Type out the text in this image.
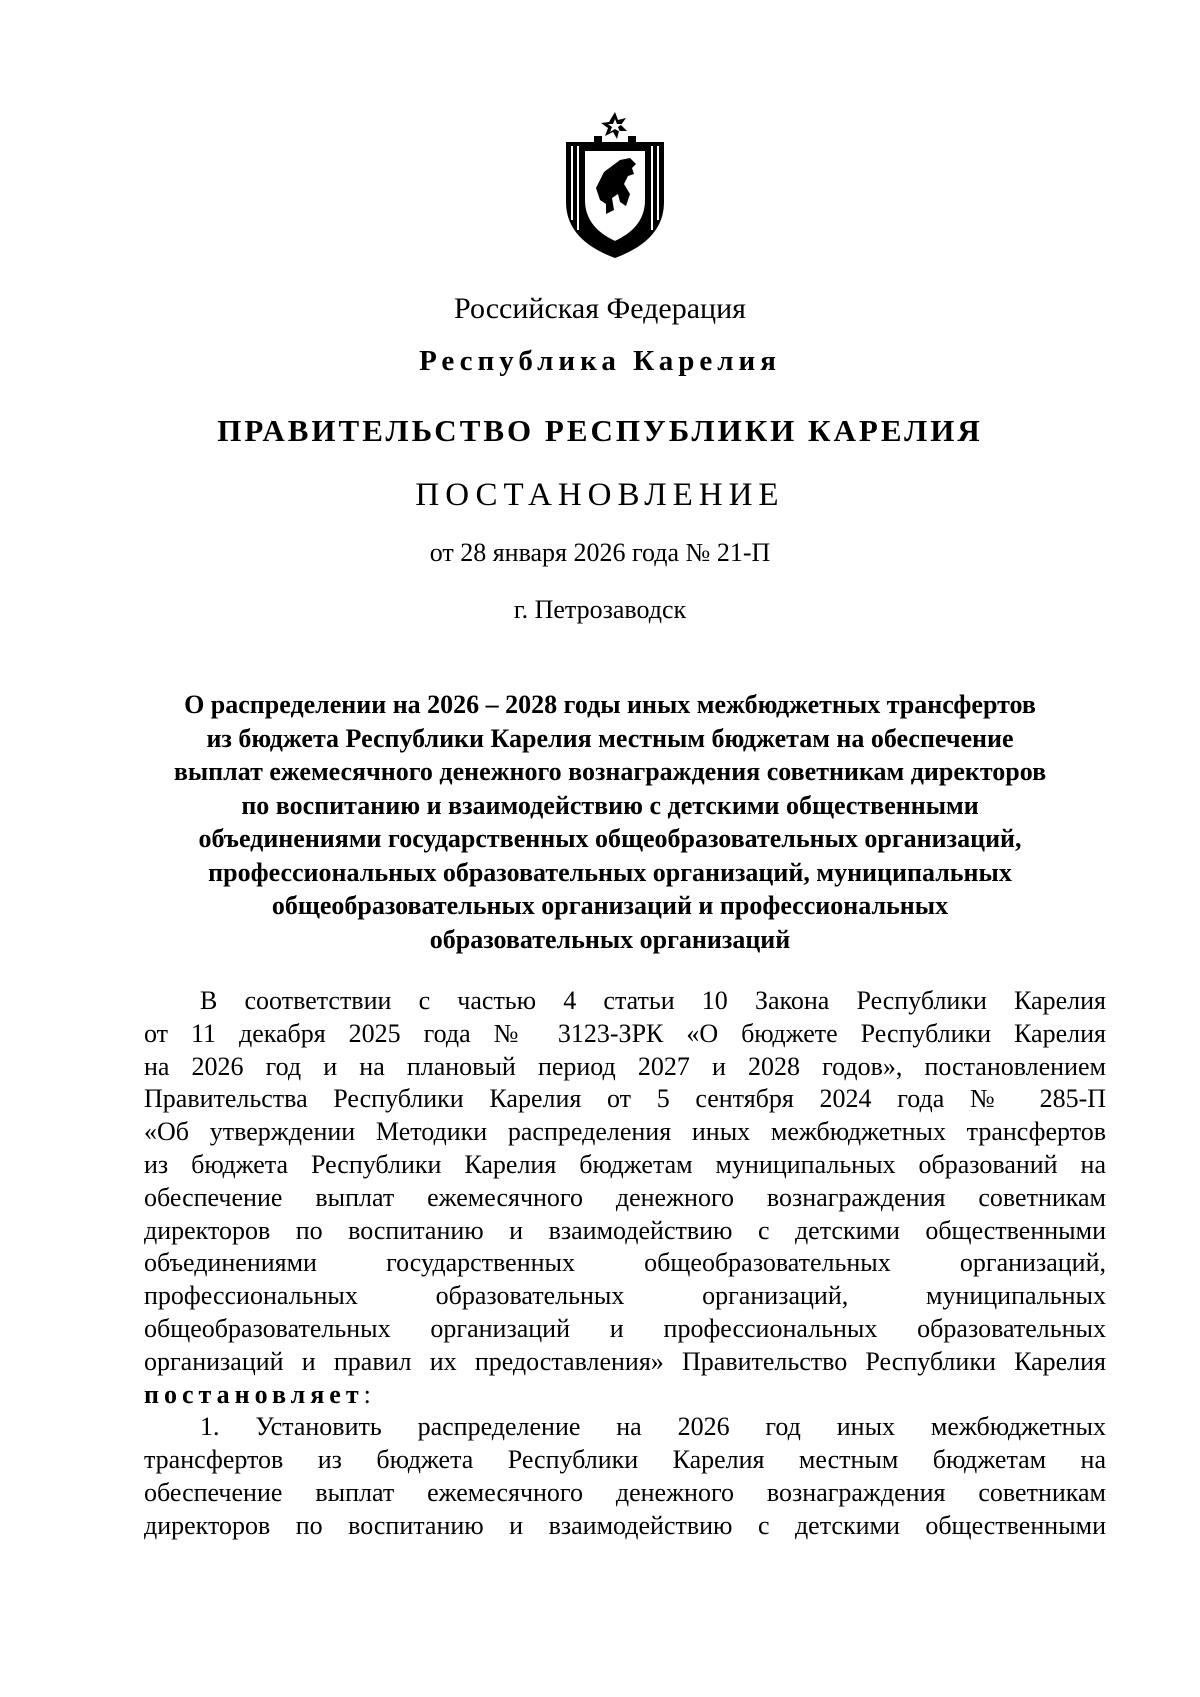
Российская Федерация
Республика Карелия
ПРАВИТЕЛЬСТВО РЕСПУБЛИКИ КАРЕЛИЯ
ПОСТАНОВЛЕНИЕ
от 28 января 2026 года № 21-П
г. Петрозаводск
О распределении на 2026 – 2028 годы иных межбюджетных трансфертов
из бюджета Республики Карелия местным бюджетам на обеспечение
выплат ежемесячного денежного вознаграждения советникам директоров
по воспитанию и взаимодействию с детскими общественными
объединениями государственных общеобразовательных организаций,
профессиональных образовательных организаций, муниципальных
общеобразовательных организаций и профессиональных
образовательных организаций
В соответствии с частью 4 статьи 10 Закона Республики Карелия
от 11 декабря 2025 года № 3123-ЗРК «О бюджете Республики Карелия
на 2026 год и на плановый период 2027 и 2028 годов», постановлением
Правительства Республики Карелия от 5 сентября 2024 года № 285-П
«Об утверждении Методики распределения иных межбюджетных трансфертов
из бюджета Республики Карелия бюджетам муниципальных образований на
обеспечение выплат ежемесячного денежного вознаграждения советникам
директоров по воспитанию и взаимодействию с детскими общественными
объединениями государственных общеобразовательных организаций,
профессиональных образовательных организаций, муниципальных
общеобразовательных организаций и профессиональных образовательных
организаций и правил их предоставления» Правительство Республики Карелия
постановляет:
1. Установить распределение на 2026 год иных межбюджетных
трансфертов из бюджета Республики Карелия местным бюджетам на
обеспечение выплат ежемесячного денежного вознаграждения советникам
директоров по воспитанию и взаимодействию с детскими общественными
